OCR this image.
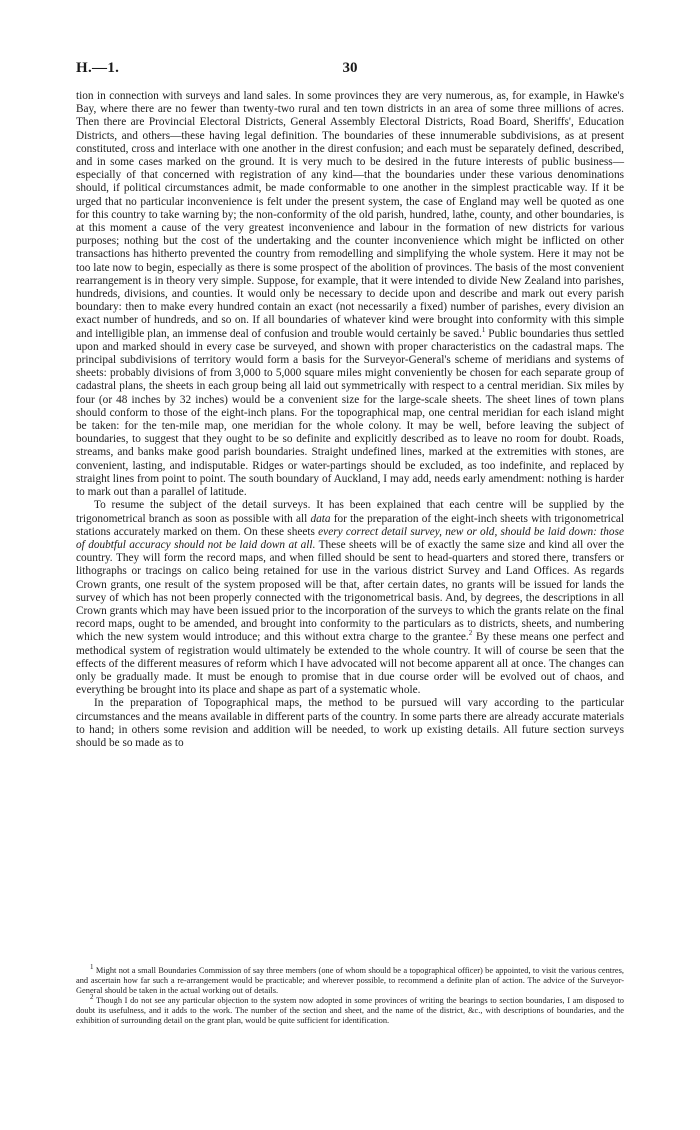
H.—1.	30

tion in connection with surveys and land sales. In some provinces they are very numerous, as, for example, in Hawke's Bay, where there are no fewer than twenty-two rural and ten town districts in an area of some three millions of acres. Then there are Provincial Electoral Districts, General Assembly Electoral Districts, Road Board, Sheriffs', Education Districts, and others—these having legal definition. The boundaries of these innumerable subdivisions, as at present constituted, cross and interlace with one another in the direst confusion; and each must be separately defined, described, and in some cases marked on the ground. It is very much to be desired in the future interests of public business—especially of that concerned with registration of any kind—that the boundaries under these various denominations should, if political circumstances admit, be made conformable to one another in the simplest practicable way. If it be urged that no particular inconvenience is felt under the present system, the case of England may well be quoted as one for this country to take warning by; the non-conformity of the old parish, hundred, lathe, county, and other boundaries, is at this moment a cause of the very greatest inconvenience and labour in the formation of new districts for various purposes; nothing but the cost of the undertaking and the counter inconvenience which might be inflicted on other transactions has hitherto prevented the country from remodelling and simplifying the whole system. Here it may not be too late now to begin, especially as there is some prospect of the abolition of provinces. The basis of the most convenient rearrangement is in theory very simple. Suppose, for example, that it were intended to divide New Zealand into parishes, hundreds, divisions, and counties. It would only be necessary to decide upon and describe and mark out every parish boundary: then to make every hundred contain an exact (not necessarily a fixed) number of parishes, every division an exact number of hundreds, and so on. If all boundaries of whatever kind were brought into conformity with this simple and intelligible plan, an immense deal of confusion and trouble would certainly be saved.$^1$ Public boundaries thus settled upon and marked should in every case be surveyed, and shown with proper characteristics on the cadastral maps. The principal subdivisions of territory would form a basis for the Surveyor-General's scheme of meridians and systems of sheets: probably divisions of from 3,000 to 5,000 square miles might conveniently be chosen for each separate group of cadastral plans, the sheets in each group being all laid out symmetrically with respect to a central meridian. Six miles by four (or 48 inches by 32 inches) would be a convenient size for the large-scale sheets. The sheet lines of town plans should conform to those of the eight-inch plans. For the topographical map, one central meridian for each island might be taken: for the ten-mile map, one meridian for the whole colony. It may be well, before leaving the subject of boundaries, to suggest that they ought to be so definite and explicitly described as to leave no room for doubt. Roads, streams, and banks make good parish boundaries. Straight undefined lines, marked at the extremities with stones, are convenient, lasting, and indisputable. Ridges or water-partings should be excluded, as too indefinite, and replaced by straight lines from point to point. The south boundary of Auckland, I may add, needs early amendment: nothing is harder to mark out than a parallel of latitude.

To resume the subject of the detail surveys. It has been explained that each centre will be supplied by the trigonometrical branch as soon as possible with all data for the preparation of the eight-inch sheets with trigonometrical stations accurately marked on them. On these sheets every correct detail survey, new or old, should be laid down: those of doubtful accuracy should not be laid down at all. These sheets will be of exactly the same size and kind all over the country. They will form the record maps, and when filled should be sent to head-quarters and stored there, transfers or lithographs or tracings on calico being retained for use in the various district Survey and Land Offices. As regards Crown grants, one result of the system proposed will be that, after certain dates, no grants will be issued for lands the survey of which has not been properly connected with the trigonometrical basis. And, by degrees, the descriptions in all Crown grants which may have been issued prior to the incorporation of the surveys to which the grants relate on the final record maps, ought to be amended, and brought into conformity to the particulars as to districts, sheets, and numbering which the new system would introduce; and this without extra charge to the grantee.$^2$ By these means one perfect and methodical system of registration would ultimately be extended to the whole country. It will of course be seen that the effects of the different measures of reform which I have advocated will not become apparent all at once. The changes can only be gradually made. It must be enough to promise that in due course order will be evolved out of chaos, and everything be brought into its place and shape as part of a systematic whole.

In the preparation of Topographical maps, the method to be pursued will vary according to the particular circumstances and the means available in different parts of the country. In some parts there are already accurate materials to hand; in others some revision and addition will be needed, to work up existing details. All future section surveys should be so made as to

$^1$ Might not a small Boundaries Commission of say three members (one of whom should be a topographical officer) be appointed, to visit the various centres, and ascertain how far such a re-arrangement would be practicable; and wherever possible, to recommend a definite plan of action. The advice of the Surveyor-General should be taken in the actual working out of details.

$^2$ Though I do not see any particular objection to the system now adopted in some provinces of writing the bearings to section boundaries, I am disposed to doubt its usefulness, and it adds to the work. The number of the section and sheet, and the name of the district, &c., with descriptions of boundaries, and the exhibition of surrounding detail on the grant plan, would be quite sufficient for identification.
